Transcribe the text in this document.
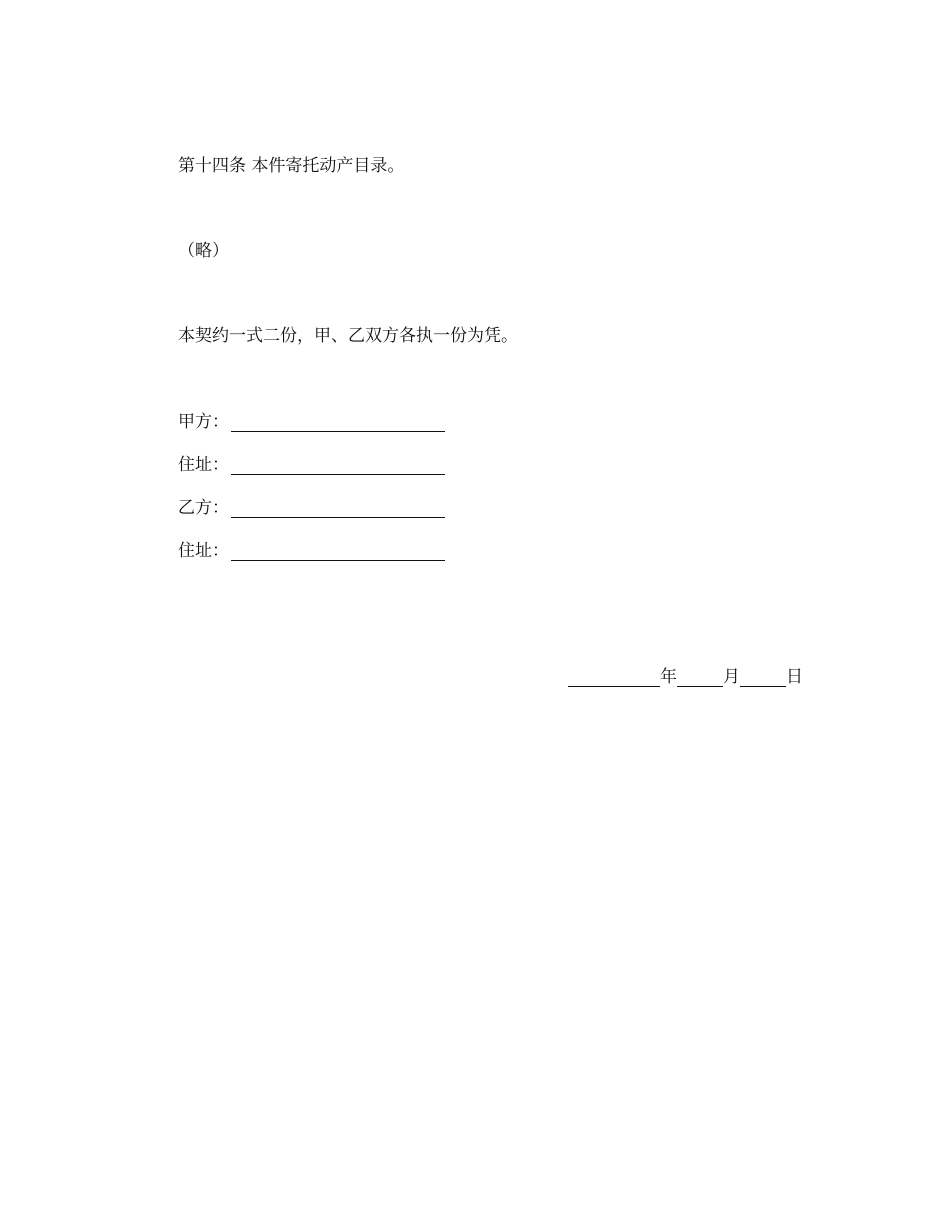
第十四条 本件寄托动产目录。
（略）
本契约一式二份，甲、乙双方各执一份为凭。
甲方：
住址：
乙方：
住址：
年	月	日
